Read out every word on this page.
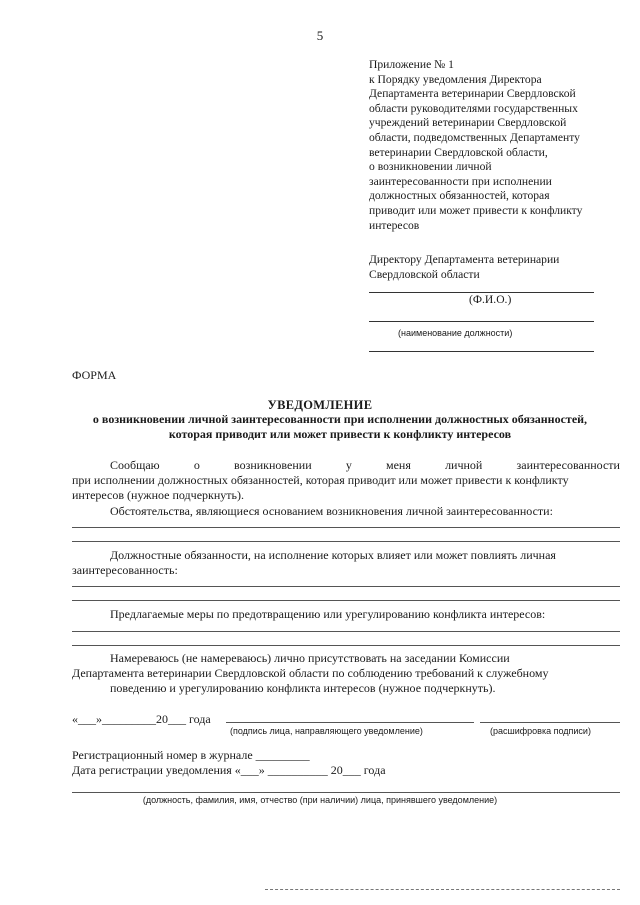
5
Приложение № 1
к Порядку уведомления Директора
Департамента ветеринарии Свердловской
области руководителями государственных
учреждений ветеринарии Свердловской
области, подведомственных Департаменту
ветеринарии Свердловской области,
о возникновении личной
заинтересованности при исполнении
должностных обязанностей, которая
приводит или может привести к конфликту
интересов
Директору Департамента ветеринарии
Свердловской области
(Ф.И.О.)
(наименование должности)
ФОРМА
УВЕДОМЛЕНИЕ
о возникновении личной заинтересованности при исполнении должностных обязанностей,
которая приводит или может привести к конфликту интересов
Сообщаю	о	возникновении	у	меня	личной	заинтересованности
при исполнении должностных обязанностей, которая приводит или может привести к конфликту
интересов (нужное подчеркнуть).
Обстоятельства, являющиеся основанием возникновения личной заинтересованности:
Должностные обязанности, на исполнение которых влияет или может повлиять личная
заинтересованность:
Предлагаемые меры по предотвращению или урегулированию конфликта интересов:
Намереваюсь (не намереваюсь) лично присутствовать на заседании Комиссии
Департамента ветеринарии Свердловской области по соблюдению требований к служебному
поведению и урегулированию конфликта интересов (нужное подчеркнуть).
«___»_________20___ года
(подпись лица, направляющего уведомление)	(расшифровка подписи)
Регистрационный номер в журнале _________
Дата регистрации уведомления «___» __________ 20___ года
(должность, фамилия, имя, отчество (при наличии) лица, принявшего уведомление)
